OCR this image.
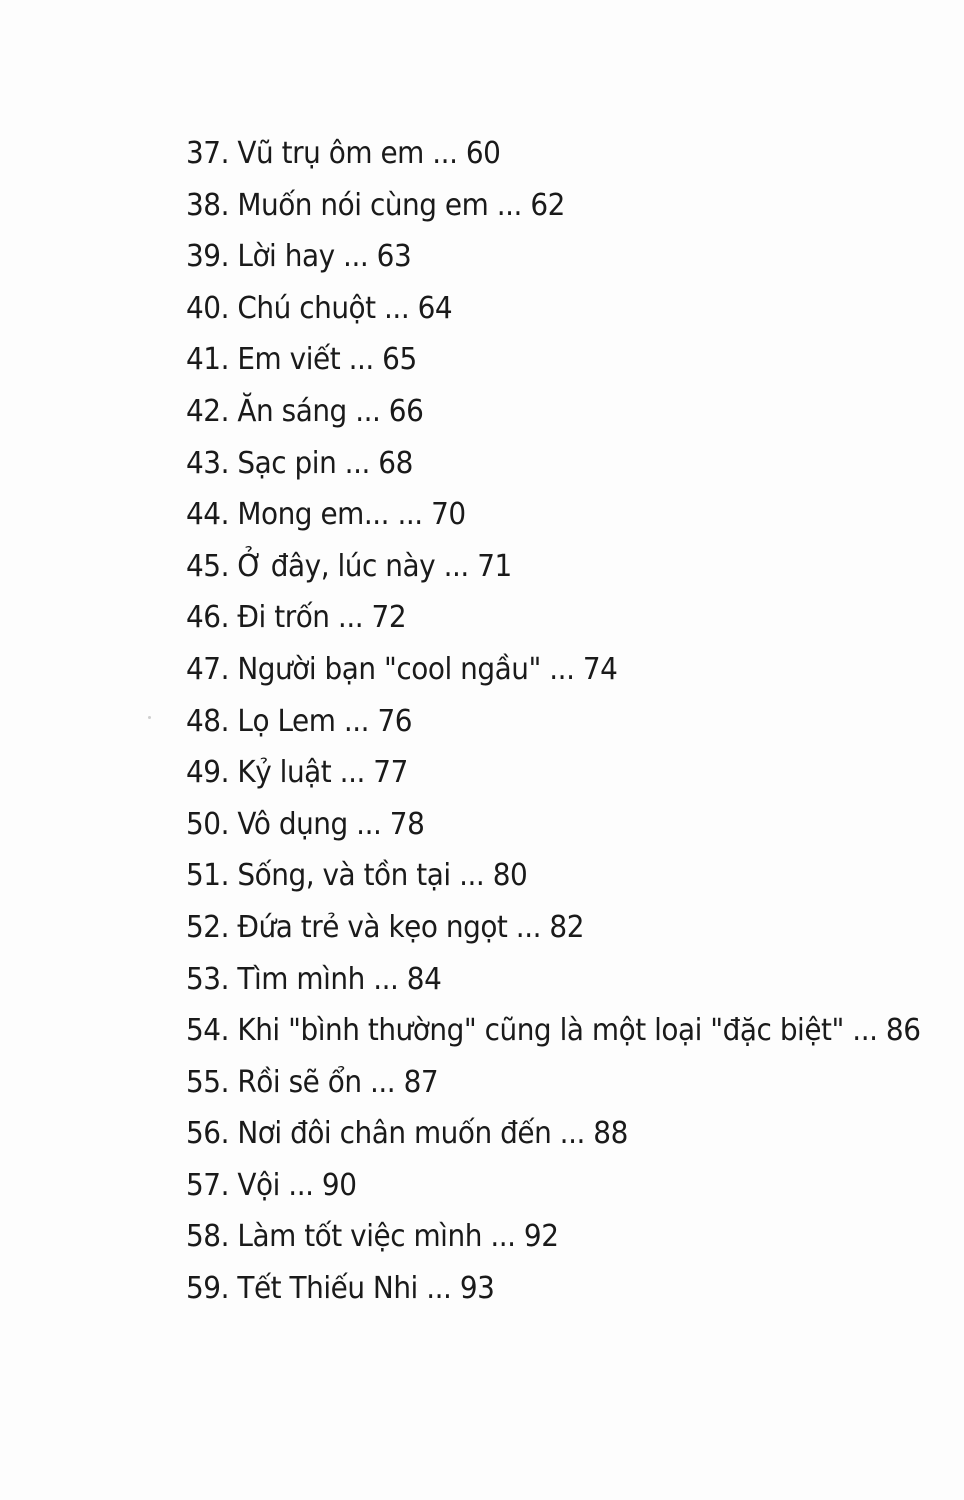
37. Vũ trụ ôm em ... 60
38. Muốn nói cùng em ... 62
39. Lời hay ... 63
40. Chú chuột ... 64
41. Em viết ... 65
42. Ăn sáng ... 66
43. Sạc pin ... 68
44. Mong em... ... 70
45. Ở đây, lúc này ... 71
46. Đi trốn ... 72
47. Người bạn "cool ngầu" ... 74
48. Lọ Lem ... 76
49. Kỷ luật ... 77
50. Vô dụng ... 78
51. Sống, và tồn tại ... 80
52. Đứa trẻ và kẹo ngọt ... 82
53. Tìm mình ... 84
54. Khi "bình thường" cũng là một loại "đặc biệt" ... 86
55. Rồi sẽ ổn ... 87
56. Nơi đôi chân muốn đến ... 88
57. Vội ... 90
58. Làm tốt việc mình ... 92
59. Tết Thiếu Nhi ... 93
